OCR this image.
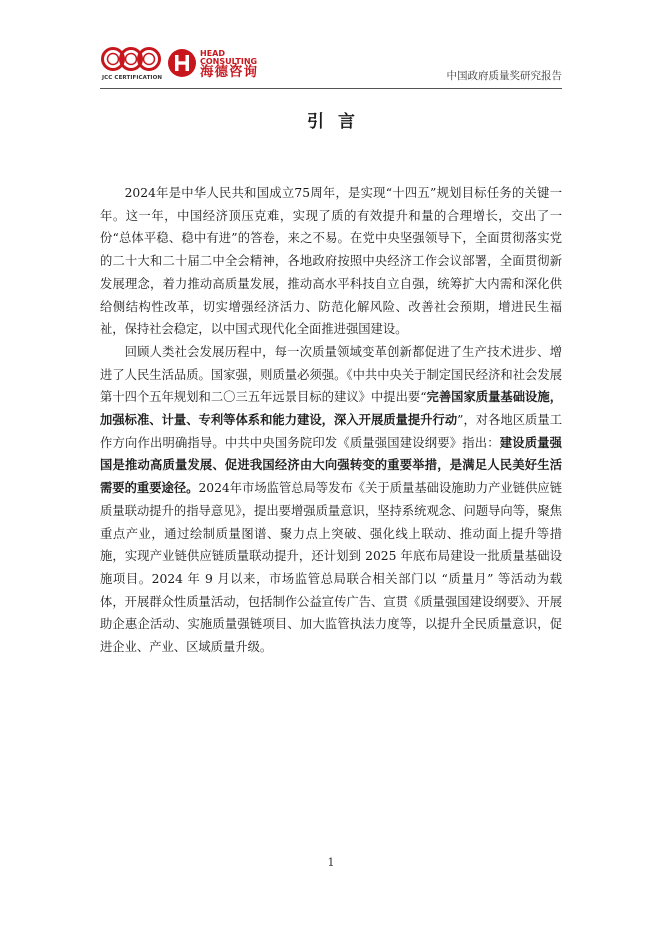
JCC CERTIFICATION
HEAD
CONSULTING
海德咨询	中国政府质量奖研究报告
引言

2024年是中华人民共和国成立75周年，是实现“十四五”规划目标任务的关键一年。这一年，中国经济顶压克难，实现了质的有效提升和量的合理增长，交出了一份“总体平稳、稳中有进”的答卷，来之不易。在党中央坚强领导下，全面贯彻落实党的二十大和二十届二中全会精神，各地政府按照中央经济工作会议部署，全面贯彻新发展理念，着力推动高质量发展，推动高水平科技自立自强，统筹扩大内需和深化供给侧结构性改革，切实增强经济活力、防范化解风险、改善社会预期，增进民生福祉，保持社会稳定，以中国式现代化全面推进强国建设。

回顾人类社会发展历程中，每一次质量领域变革创新都促进了生产技术进步、增进了人民生活品质。国家强，则质量必须强。《中共中央关于制定国民经济和社会发展第十四个五年规划和二〇三五年远景目标的建议》中提出要“完善国家质量基础设施，加强标准、计量、专利等体系和能力建设，深入开展质量提升行动”，对各地区质量工作方向作出明确指导。中共中央国务院印发《质量强国建设纲要》指出：建设质量强国是推动高质量发展、促进我国经济由大向强转变的重要举措，是满足人民美好生活需要的重要途径。2024年市场监管总局等发布《关于质量基础设施助力产业链供应链质量联动提升的指导意见》，提出要增强质量意识，坚持系统观念、问题导向等，聚焦重点产业，通过绘制质量图谱、聚力点上突破、强化线上联动、推动面上提升等措施，实现产业链供应链质量联动提升，还计划到 2025 年底布局建设一批质量基础设施项目。2024 年 9 月以来，市场监管总局联合相关部门以 “质量月” 等活动为载体，开展群众性质量活动，包括制作公益宣传广告、宣贯《质量强国建设纲要》、开展助企惠企活动、实施质量强链项目、加大监管执法力度等，以提升全民质量意识，促进企业、产业、区域质量升级。

1
